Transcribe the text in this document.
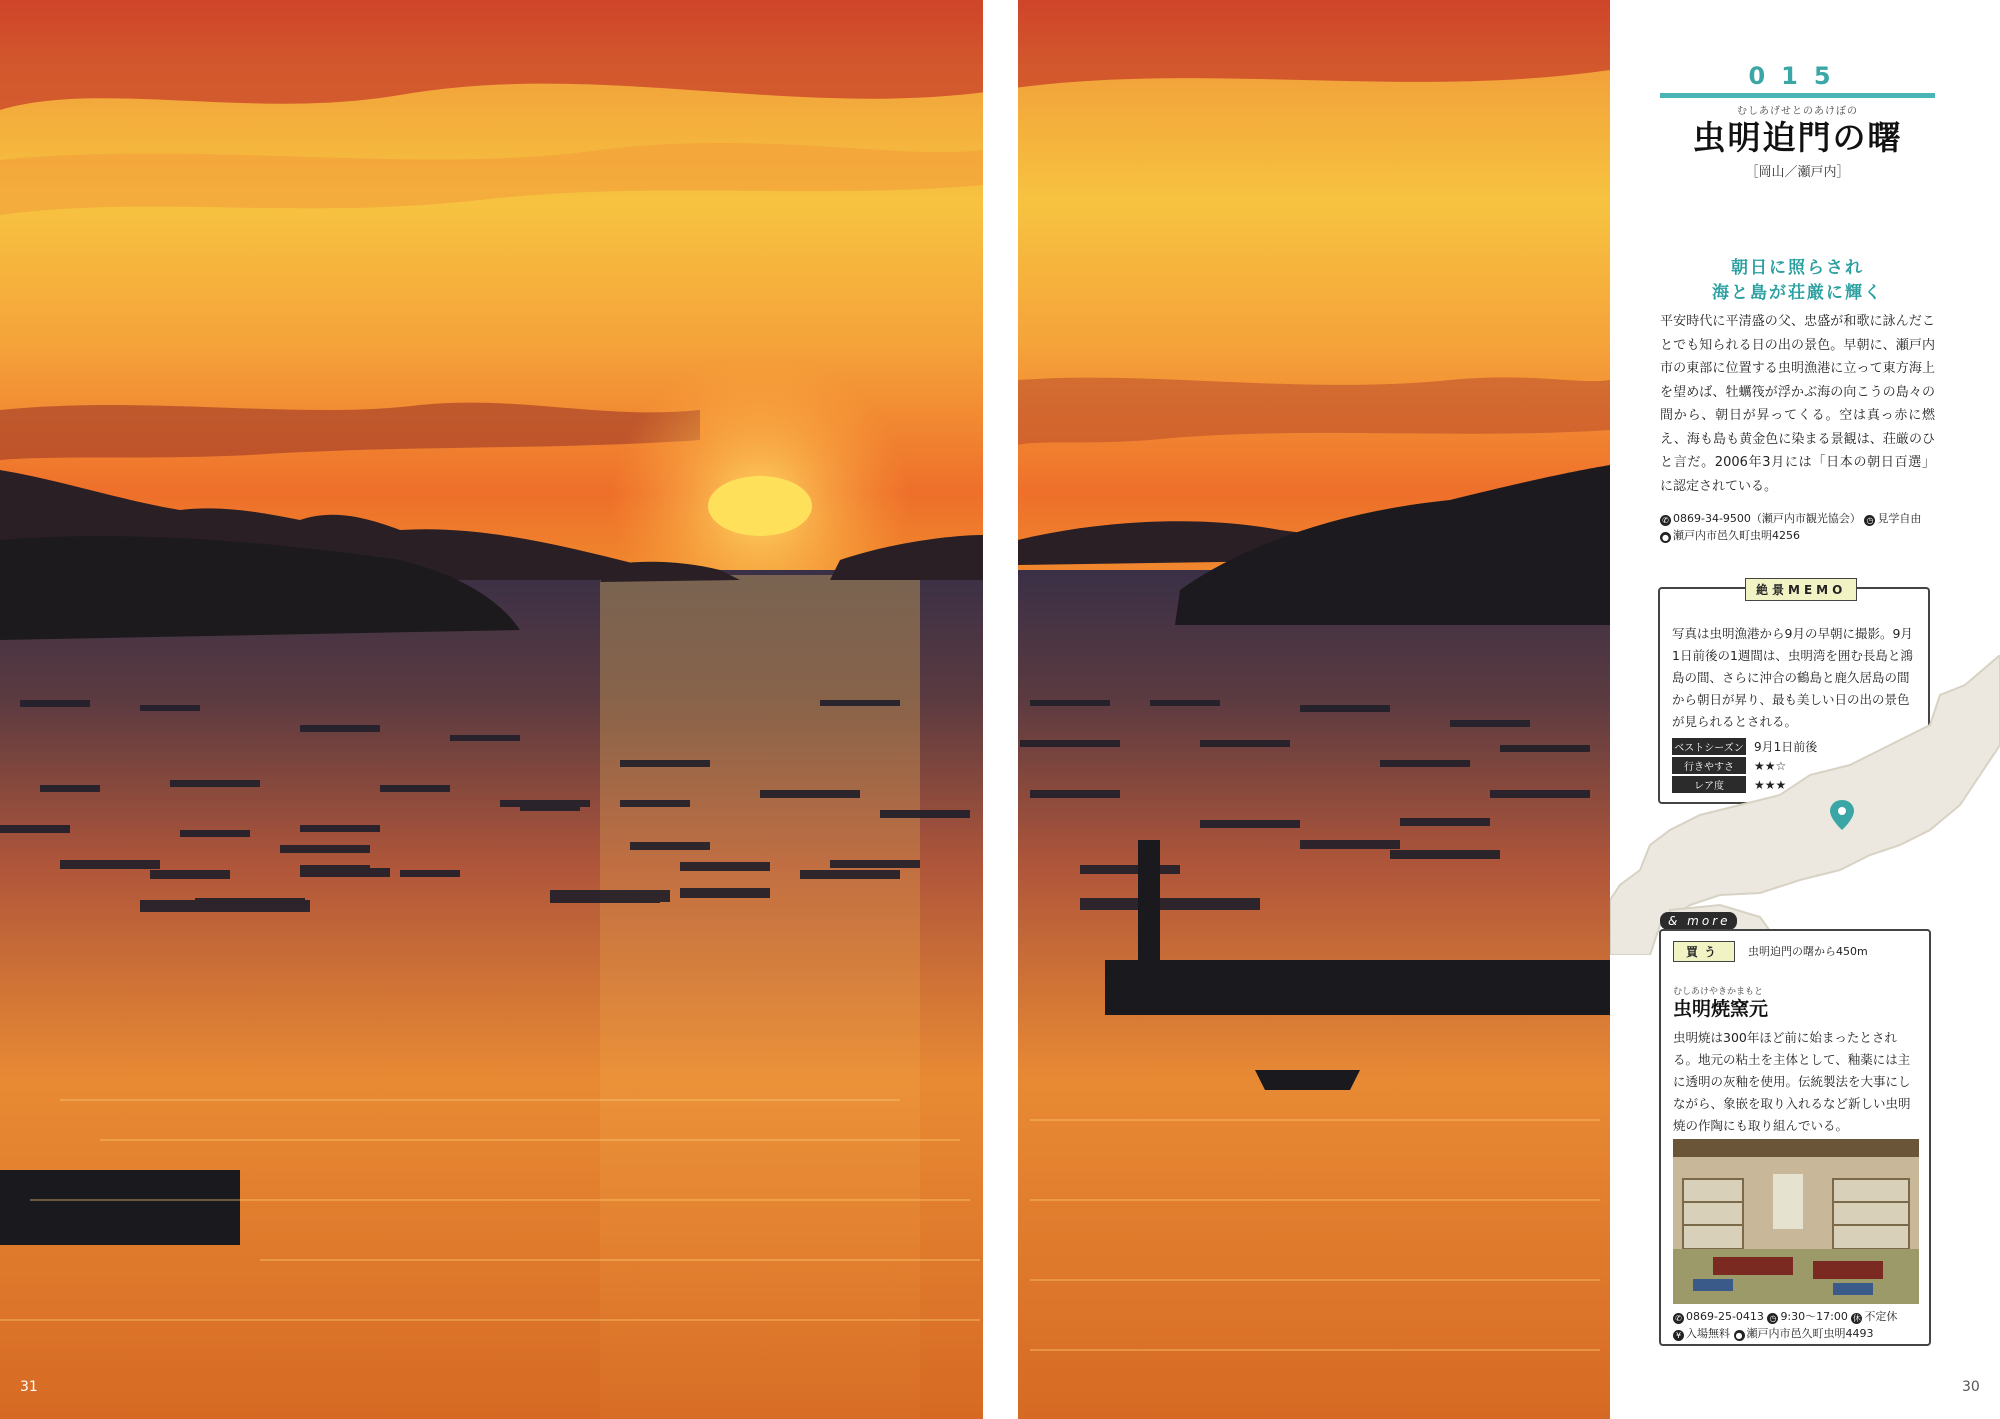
31
015
むしあげせとのあけぼの
虫明迫門の曙
［岡山／瀬戸内］
朝日に照らされ
海と島が荘厳に輝く
平安時代に平清盛の父、忠盛が和歌に詠んだことでも知られる日の出の景色。早朝に、瀬戸内市の東部に位置する虫明漁港に立って東方海上を望めば、牡蠣筏が浮かぶ海の向こうの島々の間から、朝日が昇ってくる。空は真っ赤に燃え、海も島も黄金色に染まる景観は、荘厳のひと言だ。2006年3月には「日本の朝日百選」に認定されている。
✆ 0869-34-9500（瀬戸内市観光協会） ◷ 見学自由
● 瀬戸内市邑久町虫明4256
絶景MEMO
写真は虫明漁港から9月の早朝に撮影。9月1日前後の1週間は、虫明湾を囲む長島と鴻島の間、さらに沖合の鶴島と鹿久居島の間から朝日が昇り、最も美しい日の出の景色が見られるとされる。
ベストシーズン 9月1日前後
行きやすさ ★★☆
レア度	★★★
& more
買う	虫明迫門の曙から450m
むしあけやきかまもと
虫明焼窯元
虫明焼は300年ほど前に始まったとされる。地元の粘土を主体として、釉薬には主に透明の灰釉を使用。伝統製法を大事にしながら、象嵌を取り入れるなど新しい虫明焼の作陶にも取り組んでいる。
✆ 0869-25-0413 ◷ 9:30～17:00 休 不定休
¥ 入場無料 ● 瀬戸内市邑久町虫明4493
30
